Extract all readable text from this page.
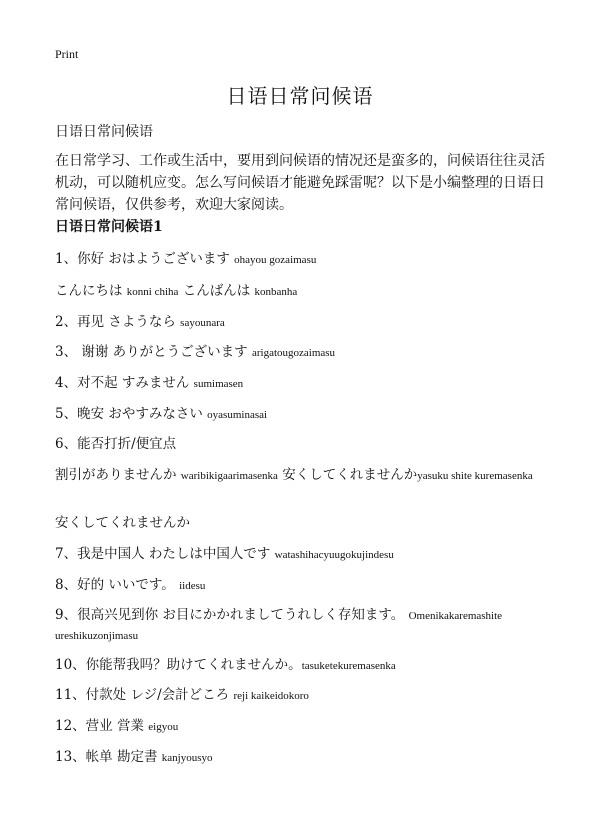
Print
日语日常问候语
日语日常问候语

在日常学习、工作或生活中，要用到问候语的情况还是蛮多的，问候语往往灵活机动，可以随机应变。怎么写问候语才能避免踩雷呢？以下是小编整理的日语日常问候语，仅供参考，欢迎大家阅读。

日语日常问候语1
1、你好 おはようございます ohayou gozaimasu
こんにちは konni chiha こんばんは konbanha
2、再见 さようなら sayounara
3、 谢谢 ありがとうございます arigatougozaimasu
4、对不起 すみません sumimasen
5、晚安 おやすみなさい oyasuminasai
6、能否打折/便宜点
割引がありませんか waribikigaarimasenka 安くしてくれませんかyasuku shite kuremasenka
安くしてくれませんか
7、我是中国人 わたしは中国人です watashihacyuugokujindesu
8、好的 いいです。 iidesu
9、很高兴见到你 お目にかかれましてうれしく存知ます。 Omenikakaremashite ureshikuzonjimasu
10、你能帮我吗？助けてくれませんか。tasuketekuremasenka
11、付款处 レジ/会計どころ reji kaikeidokoro
12、营业 営業 eigyou
13、帐单 勘定書 kanjyousyo
